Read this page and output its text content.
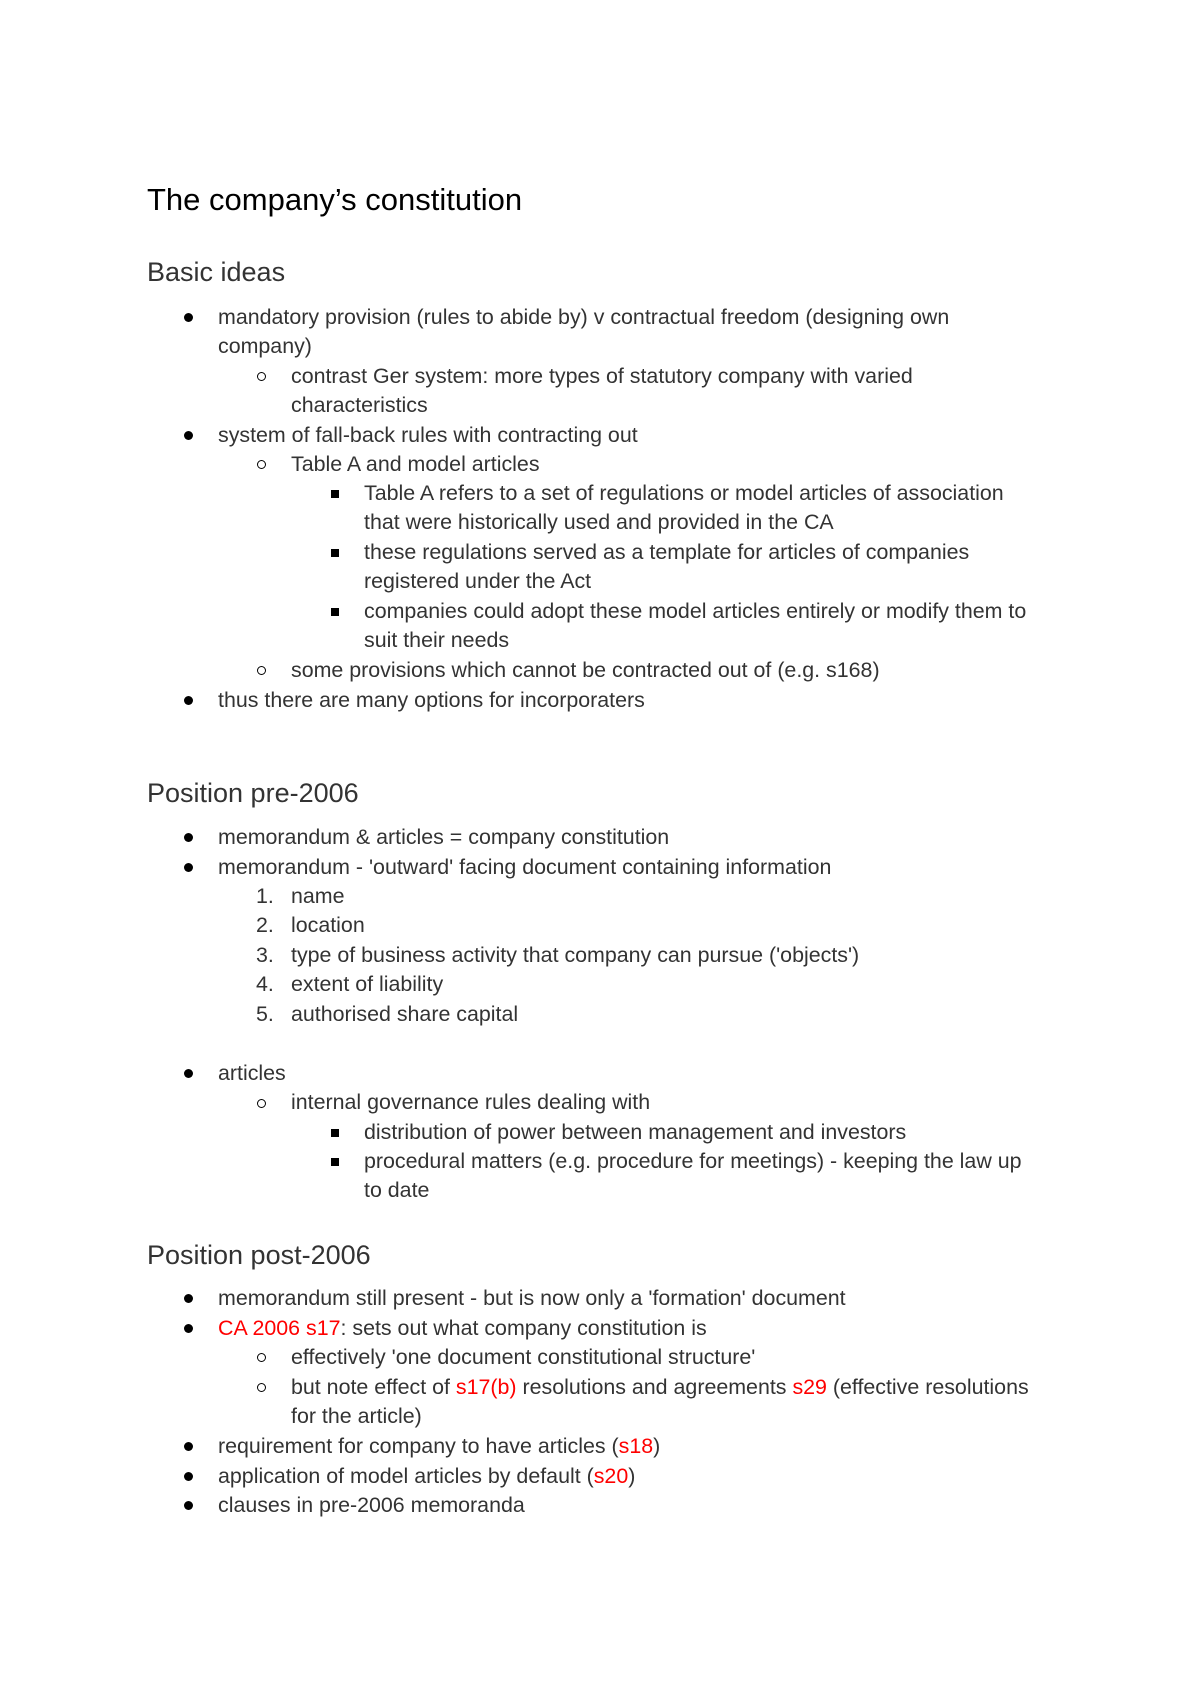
The company’s constitution
Basic ideas
mandatory provision (rules to abide by) v contractual freedom (designing own
company)
contrast Ger system: more types of statutory company with varied
characteristics
system of fall-back rules with contracting out
Table A and model articles
Table A refers to a set of regulations or model articles of association
that were historically used and provided in the CA
these regulations served as a template for articles of companies
registered under the Act
companies could adopt these model articles entirely or modify them to
suit their needs
some provisions which cannot be contracted out of (e.g. s168)
thus there are many options for incorporaters
Position pre-2006
memorandum & articles = company constitution
memorandum - 'outward' facing document containing information
1. name
2. location
3. type of business activity that company can pursue ('objects')
4. extent of liability
5. authorised share capital
articles
internal governance rules dealing with
distribution of power between management and investors
procedural matters (e.g. procedure for meetings) - keeping the law up
to date
Position post-2006
memorandum still present - but is now only a 'formation' document
CA 2006 s17: sets out what company constitution is
effectively 'one document constitutional structure'
but note effect of s17(b) resolutions and agreements s29 (effective resolutions
for the article)
requirement for company to have articles (s18)
application of model articles by default (s20)
clauses in pre-2006 memoranda
